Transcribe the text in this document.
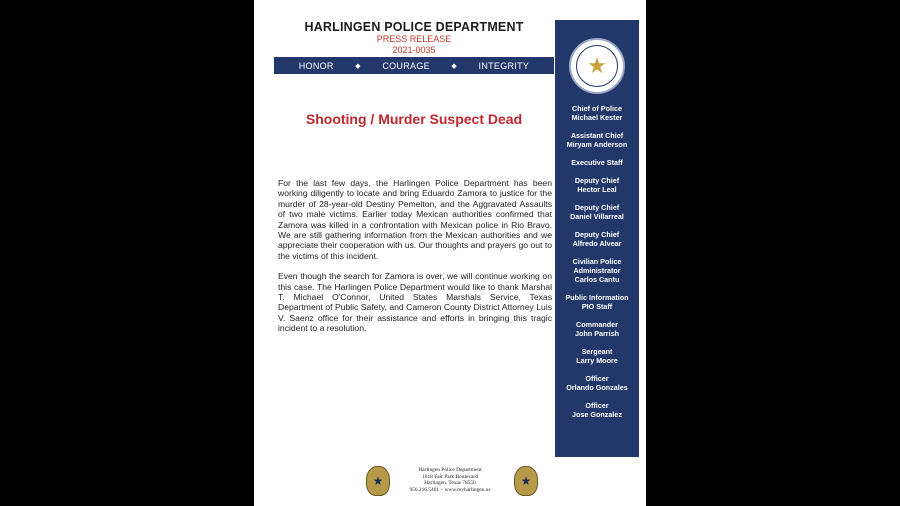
HARLINGEN POLICE DEPARTMENT
PRESS RELEASE
2021-0035
HONOR	◆ COURAGE	◆ INTEGRITY
Shooting / Murder Suspect Dead

For the last few days, the Harlingen Police Department has been working diligently to locate and bring Eduardo Zamora to justice for the murder of 28-year-old Destiny Pemelton, and the Aggravated Assaults of two male victims. Earlier today Mexican authorities confirmed that Zamora was killed in a confrontation with Mexican police in Rio Bravo. We are still gathering information from the Mexican authorities and we appreciate their cooperation with us. Our thoughts and prayers go out to the victims of this incident.

Even though the search for Zamora is over, we will continue working on this case. The Harlingen Police Department would like to thank Marshal T. Michael O'Connor, United States Marshals Service, Texas Department of Public Safety, and Cameron County District Attorney Luis V. Saenz office for their assistance and efforts in bringing this tragic incident to a resolution.

★
Chief of Police
Michael Kester
Assistant Chief
Miryam Anderson
Executive Staff
Deputy Chief
Hector Leal
Deputy Chief
Daniel Villarreal
Deputy Chief
Alfredo Alvear
Civilian Police Administrator
Carlos Cantu
Public Information
PIO Staff
Commander
John Parrish
Sergeant
Larry Moore
Officer
Orlando Gonzales
Officer
Jose Gonzalez
★
Harlingen Police Department
1018 Fair Park Boulevard
Harlingen, Texas 78550
956.216.5401 – www.myharlingen.us
★
